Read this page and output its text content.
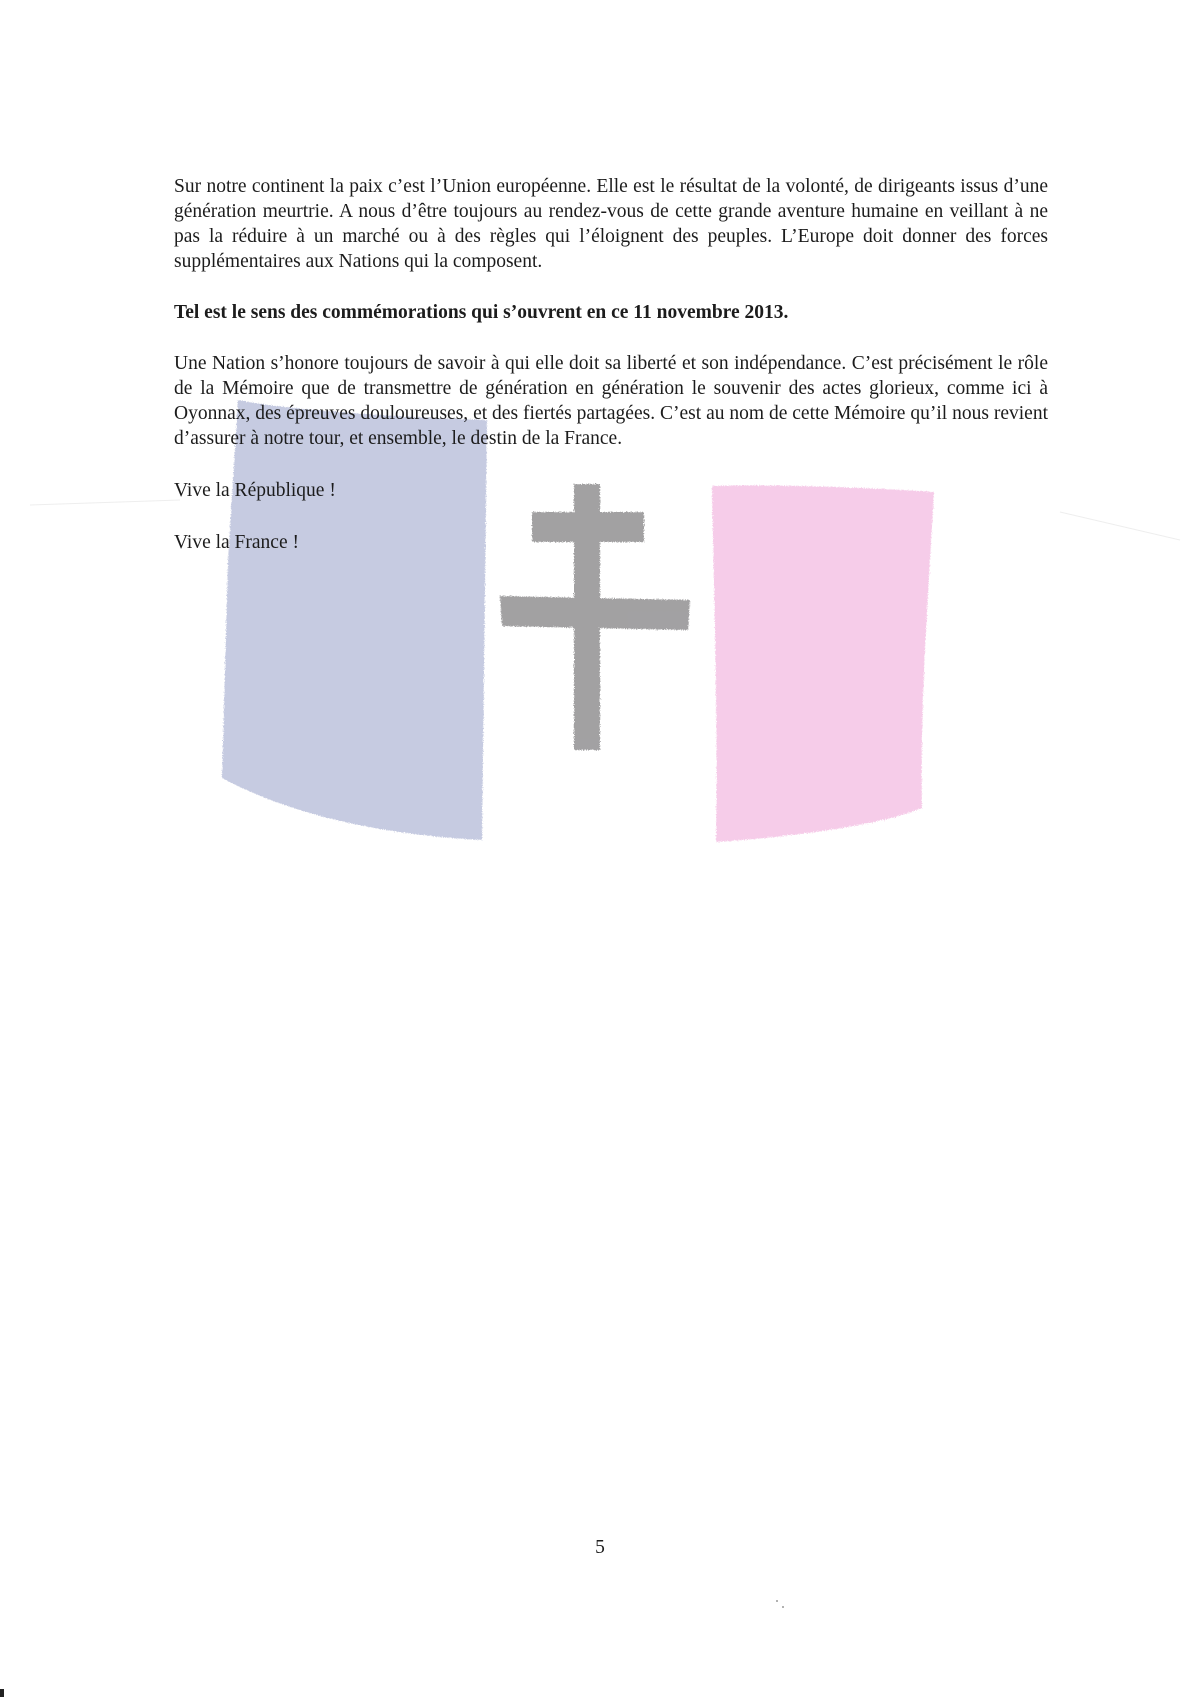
Sur notre continent la paix c’est l’Union européenne. Elle est le résultat de la volonté, de dirigeants issus d’une génération meurtrie. A nous d’être toujours au rendez-vous de cette grande aventure humaine en veillant à ne pas la réduire à un marché ou à des règles qui l’éloignent des peuples. L’Europe doit donner des forces supplémentaires aux Nations qui la composent.

Tel est le sens des commémorations qui s’ouvrent en ce 11 novembre 2013.

Une Nation s’honore toujours de savoir à qui elle doit sa liberté et son indépendance. C’est précisément le rôle de la Mémoire que de transmettre de génération en génération le souvenir des actes glorieux, comme ici à Oyonnax, des épreuves douloureuses, et des fiertés partagées. C’est au nom de cette Mémoire qu’il nous revient d’assurer à notre tour, et ensemble, le destin de la France.

Vive la République !

Vive la France !

5
